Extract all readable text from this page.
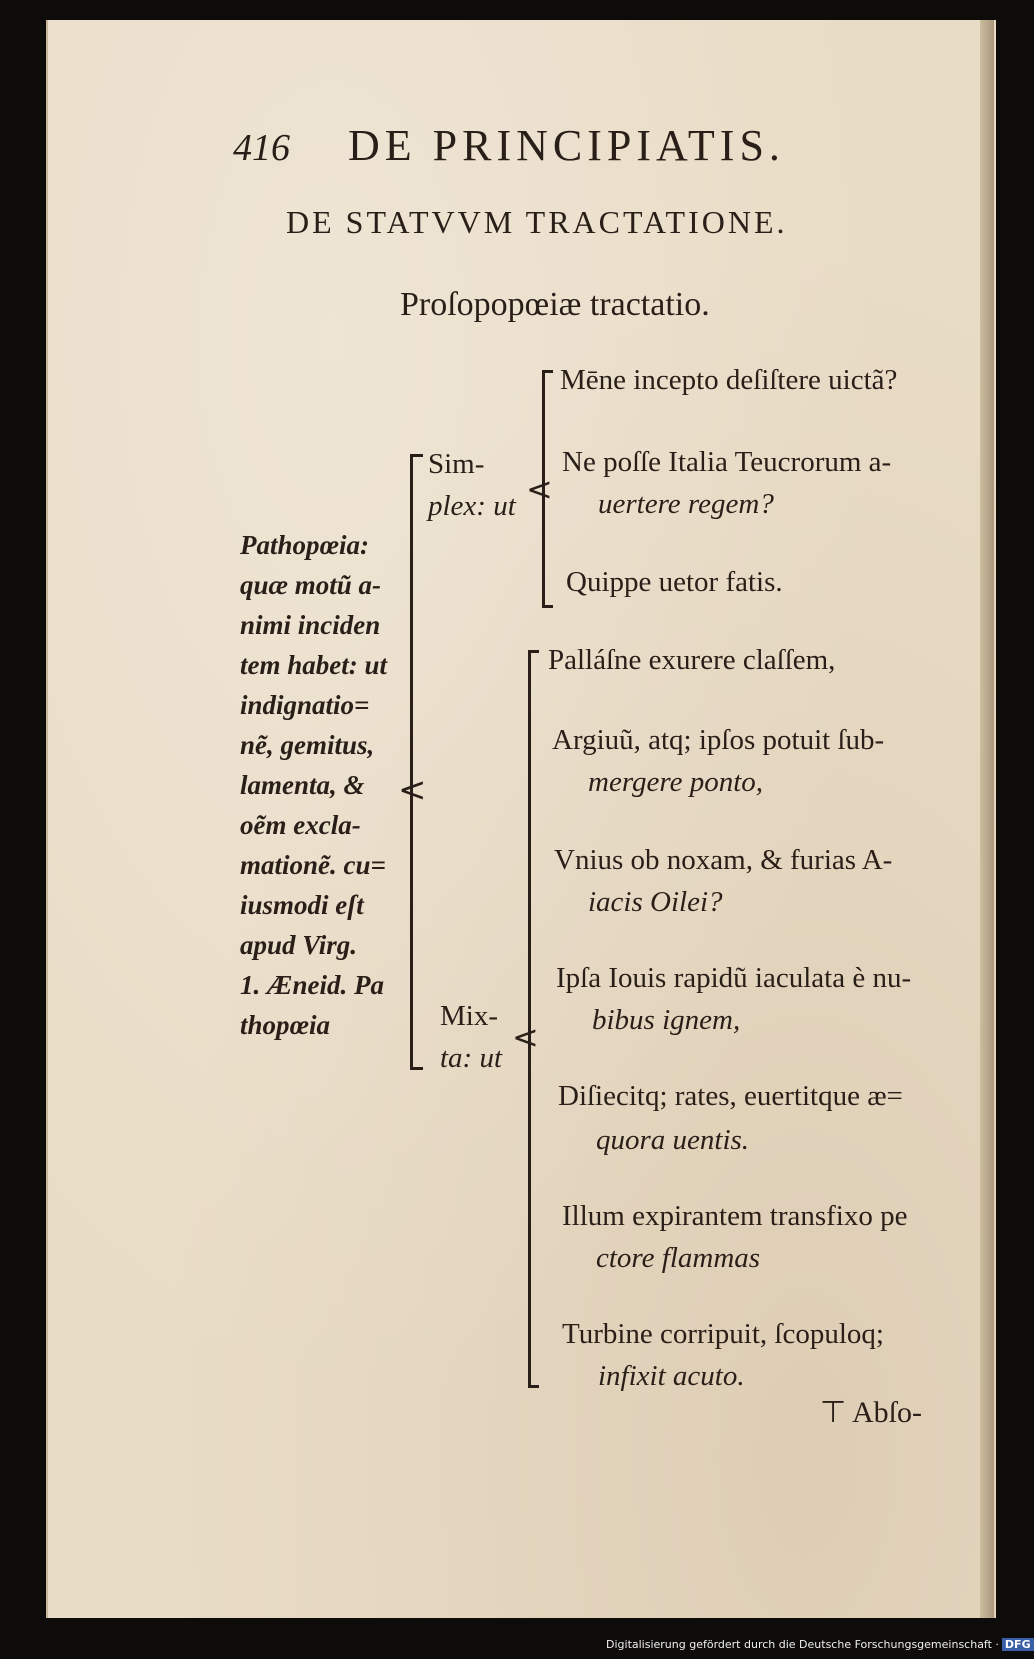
416 DE PRINCIPIATIS.
DE STATVVM TRACTATIONE.
Proſopopœiæ tractatio.
Pathopœia:
quæ motũ a-
nimi inciden
tem habet: ut
indignatio=
nẽ, gemitus,
lamenta, &
oẽm excla-
mationẽ. cu=
iusmodi eſt
apud Virg.
1. Æneid. Pa
thopœia
<
Sim-
plex: ut
Mix-
ta: ut
<
Mēne incepto deſiſtere uictã?
Ne poſſe Italia Teucrorum a-
uertere regem?
Quippe uetor fatis.
<
Palláſne exurere claſſem,
Argiuũ, atq; ipſos potuit ſub-
mergere ponto,
Vnius ob noxam, & furias A-
iacis Oilei?
Ipſa Iouis rapidũ iaculata è nu-
bibus ignem,
Diſiecitq; rates, euertitque æ=
quora uentis.
Illum expirantem transfixo pe
ctore flammas
Turbine corripuit, ſcopuloq;
infixit acuto.
⊤ Abſo-
Digitalisierung gefördert durch die Deutsche Forschungsgemeinschaft · DFG
